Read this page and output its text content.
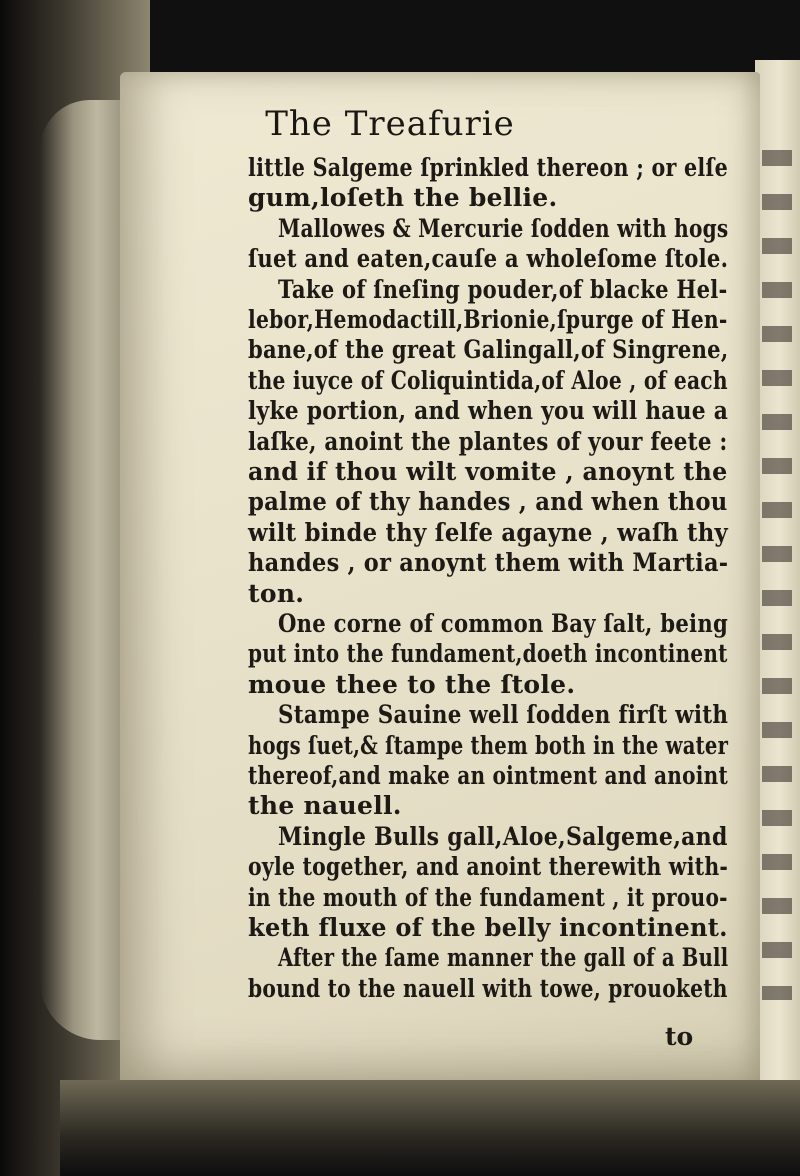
The Treafurie
little Salgeme ſprinkled thereon ; or elſe
gum,loſeth the bellie.
Mallowes & Mercurie ſodden with hogs
ſuet and eaten,cauſe a wholeſome ſtole.
Take of ſneſing pouder,of blacke Hel-
lebor,Hemodactill,Brionie,ſpurge of Hen-
bane,of the great Galingall,of Singrene,
the iuyce of Coliquintida,of Aloe , of each
lyke portion, and when you will haue a
laſke, anoint the plantes of your feete :
and if thou wilt vomite , anoynt the
palme of thy handes , and when thou
wilt binde thy ſelfe agayne , waſh thy
handes , or anoynt them with Martia-
ton.
One corne of common Bay ſalt, being
put into the fundament,doeth incontinent
moue thee to the ſtole.
Stampe Sauine well ſodden firſt with
hogs ſuet,& ſtampe them both in the water
thereof,and make an ointment and anoint
the nauell.
Mingle Bulls gall,Aloe,Salgeme,and
oyle together, and anoint therewith with-
in the mouth of the fundament , it prouo-
keth fluxe of the belly incontinent.
After the ſame manner the gall of a Bull
bound to the nauell with towe, prouoketh
to
